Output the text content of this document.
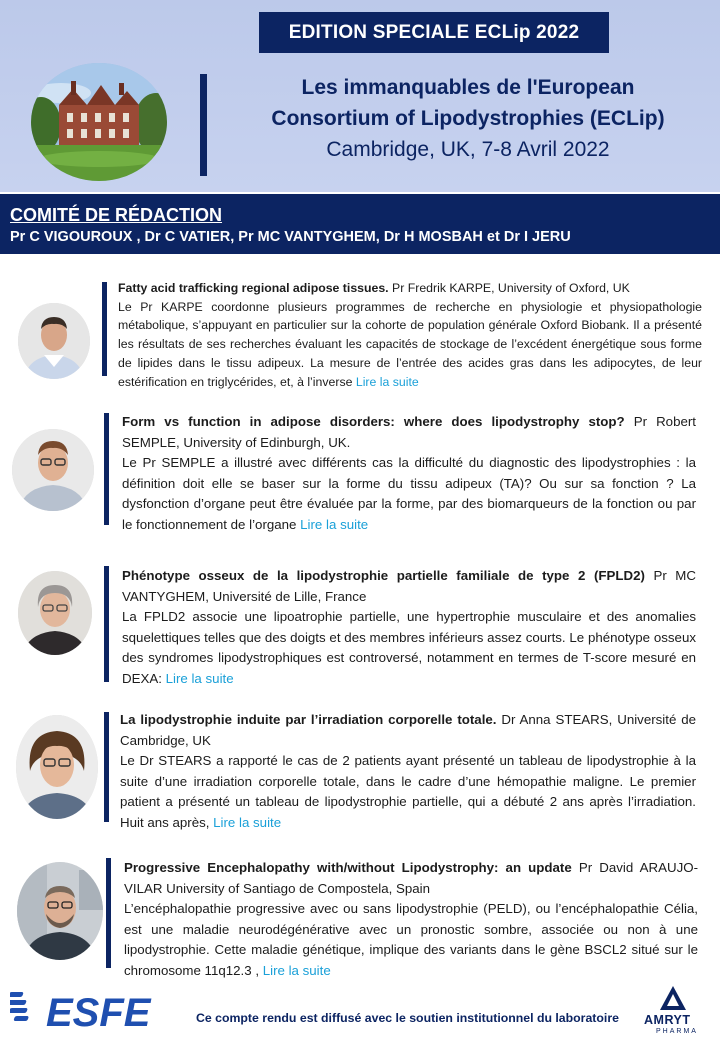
EDITION SPECIALE ECLip 2022
Les immanquables de l'European
Consortium of Lipodystrophies (ECLip)
Cambridge, UK, 7-8 Avril 2022
COMITÉ DE RÉDACTION
Pr C VIGOUROUX , Dr C VATIER, Pr MC VANTYGHEM, Dr H MOSBAH et Dr I JERU
Fatty acid trafficking regional adipose tissues. Pr Fredrik KARPE, University of Oxford, UK
Le Pr KARPE coordonne plusieurs programmes de recherche en physiologie et physiopathologie métabolique, s’appuyant en particulier sur la cohorte de population générale Oxford Biobank. Il a présenté les résultats de ses recherches évaluant les capacités de stockage de l’excédent énergétique sous forme de lipides dans le tissu adipeux. La mesure de l’entrée des acides gras dans les adipocytes, de leur estérification en triglycérides, et, à l’inverse Lire la suite
Form vs function in adipose disorders: where does lipodystrophy stop? Pr Robert SEMPLE, University of Edinburgh, UK.
Le Pr SEMPLE a illustré avec différents cas la difficulté du diagnostic des lipodystrophies : la définition doit elle se baser sur la forme du tissu adipeux (TA)? Ou sur sa fonction ? La dysfonction d’organe peut être évaluée par la forme, par des biomarqueurs de la fonction ou par le fonctionnement de l’organe Lire la suite
Phénotype osseux de la lipodystrophie partielle familiale de type 2 (FPLD2) Pr MC VANTYGHEM, Université de Lille, France
La FPLD2 associe une lipoatrophie partielle, une hypertrophie musculaire et des anomalies squelettiques telles que des doigts et des membres inférieurs assez courts. Le phénotype osseux des syndromes lipodystrophiques est controversé, notamment en termes de T-score mesuré en DEXA: Lire la suite
La lipodystrophie induite par l’irradiation corporelle totale. Dr Anna STEARS, Université de Cambridge, UK
Le Dr STEARS a rapporté le cas de 2 patients ayant présenté un tableau de lipodystrophie à la suite d’une irradiation corporelle totale, dans le cadre d’une hémopathie maligne. Le premier patient a présenté un tableau de lipodystrophie partielle, qui a débuté 2 ans après l’irradiation. Huit ans après, Lire la suite
Progressive Encephalopathy with/without Lipodystrophy: an update Pr David ARAUJO-VILAR University of Santiago de Compostela, Spain
L’encéphalopathie progressive avec ou sans lipodystrophie (PELD), ou l’encéphalopathie Célia, est une maladie neurodégénérative avec un pronostic sombre, associée ou non à une lipodystrophie. Cette maladie génétique, implique des variants dans le gène BSCL2 situé sur le chromosome 11q12.3 , Lire la suite
ESFE	Ce compte rendu est diffusé avec le soutien institutionnel du laboratoire	AMRYT
PHARMA
